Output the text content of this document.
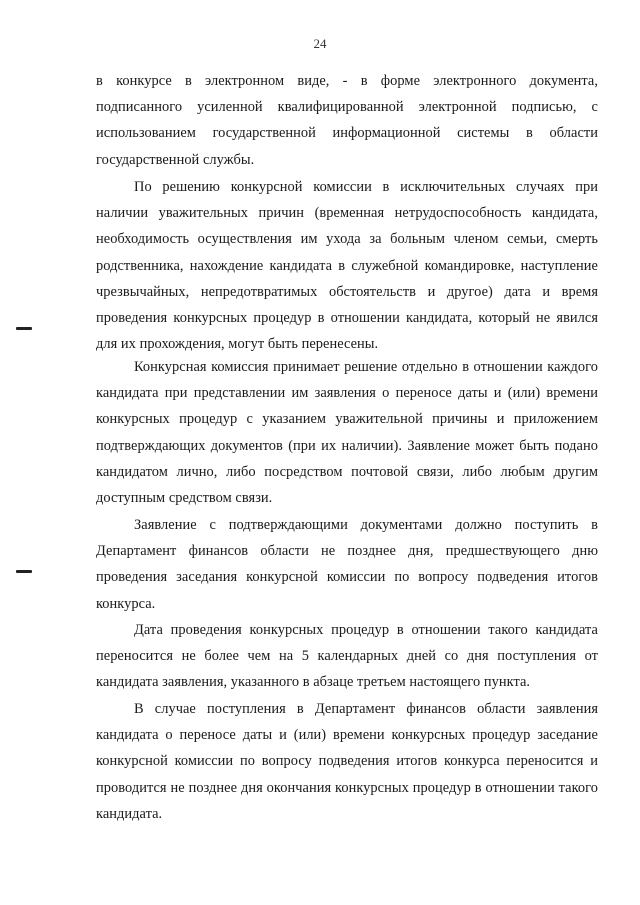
24

в конкурсе в электронном виде, - в форме электронного документа, подписанного усиленной квалифицированной электронной подписью, с использованием государственной информационной системы в области государственной службы.

По решению конкурсной комиссии в исключительных случаях при наличии уважительных причин (временная нетрудоспособность кандидата, необходимость осуществления им ухода за больным членом семьи, смерть родственника, нахождение кандидата в служебной командировке, наступление чрезвычайных, непредотвратимых обстоятельств и другое) дата и время проведения конкурсных процедур в отношении кандидата, который не явился для их прохождения, могут быть перенесены.

Конкурсная комиссия принимает решение отдельно в отношении каждого кандидата при представлении им заявления о переносе даты и (или) времени конкурсных процедур с указанием уважительной причины и приложением подтверждающих документов (при их наличии). Заявление может быть подано кандидатом лично, либо посредством почтовой связи, либо любым другим доступным средством связи.

Заявление с подтверждающими документами должно поступить в Департамент финансов области не позднее дня, предшествующего дню проведения заседания конкурсной комиссии по вопросу подведения итогов конкурса.

Дата проведения конкурсных процедур в отношении такого кандидата переносится не более чем на 5 календарных дней со дня поступления от кандидата заявления, указанного в абзаце третьем настоящего пункта.

В случае поступления в Департамент финансов области заявления кандидата о переносе даты и (или) времени конкурсных процедур заседание конкурсной комиссии по вопросу подведения итогов конкурса переносится и проводится не позднее дня окончания конкурсных процедур в отношении такого кандидата.
